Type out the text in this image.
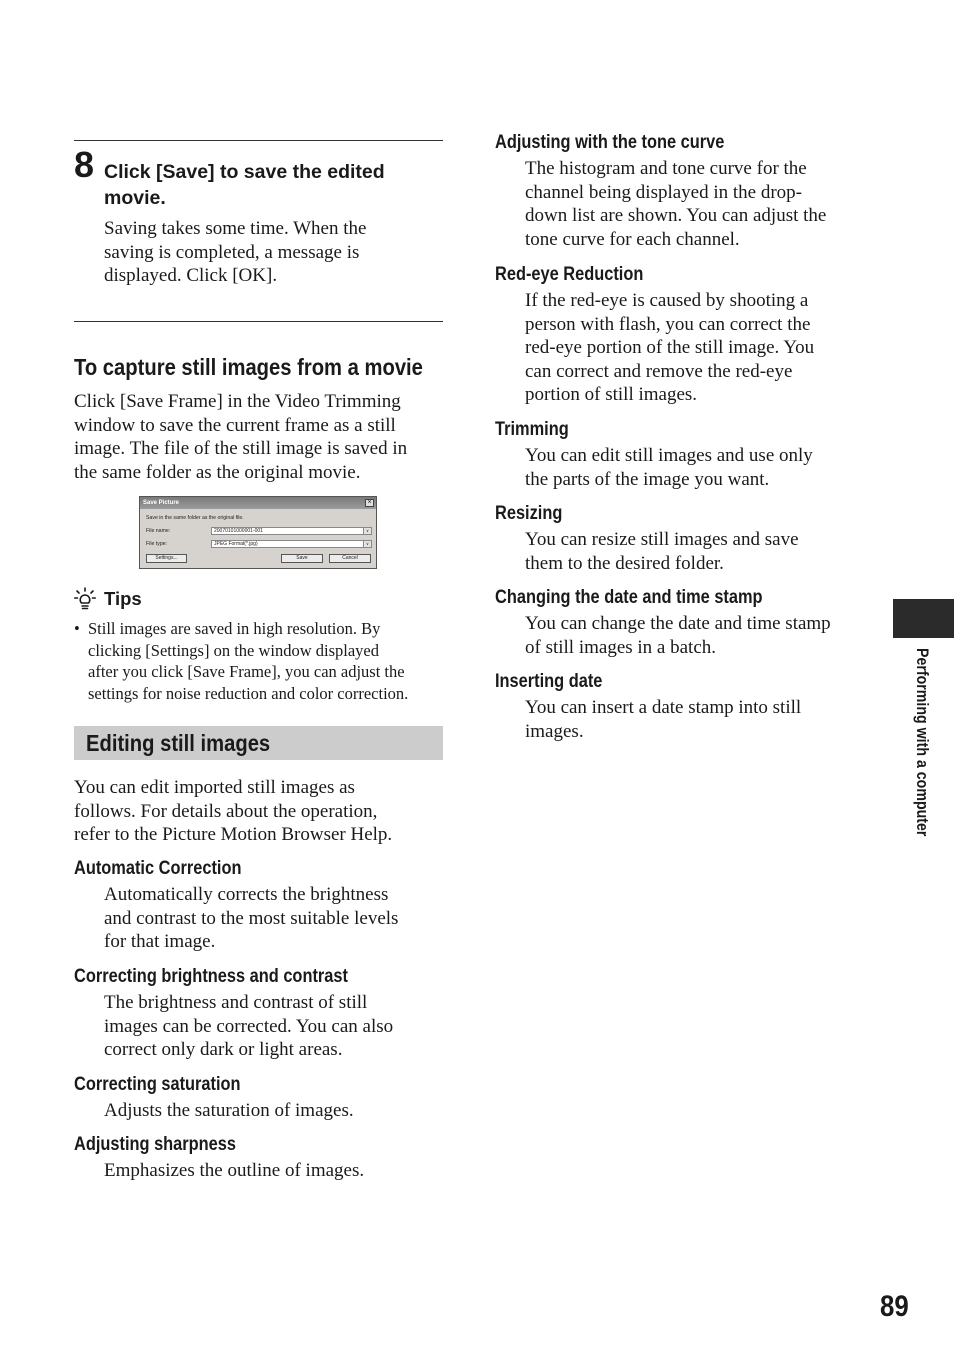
8 Click [Save] to save the edited
movie.
Saving takes some time. When the
saving is completed, a message is
displayed. Click [OK].
To capture still images from a movie
Click [Save Frame] in the Video Trimming
window to save the current frame as a still
image. The file of the still image is saved in
the same folder as the original movie.
Save Picture	×
Save in the same folder as the original file.
File name:	20070101000001-001	∨
File type:	JPEG Format(*.jpg)	∨
Settings...	Save	Cancel
Tips
• Still images are saved in high resolution. By
clicking [Settings] on the window displayed
after you click [Save Frame], you can adjust the
settings for noise reduction and color correction.
Editing still images
You can edit imported still images as
follows. For details about the operation,
refer to the Picture Motion Browser Help.
Automatic Correction
Automatically corrects the brightness
and contrast to the most suitable levels
for that image.
Correcting brightness and contrast
The brightness and contrast of still
images can be corrected. You can also
correct only dark or light areas.
Correcting saturation
Adjusts the saturation of images.
Adjusting sharpness
Emphasizes the outline of images.
Adjusting with the tone curve
The histogram and tone curve for the
channel being displayed in the drop-
down list are shown. You can adjust the
tone curve for each channel.
Red-eye Reduction
If the red-eye is caused by shooting a
person with flash, you can correct the
red-eye portion of the still image. You
can correct and remove the red-eye
portion of still images.
Trimming
You can edit still images and use only
the parts of the image you want.
Resizing
You can resize still images and save
them to the desired folder.
Changing the date and time stamp
You can change the date and time stamp
of still images in a batch.
Inserting date
You can insert a date stamp into still
images.	Performing with a computer
89
